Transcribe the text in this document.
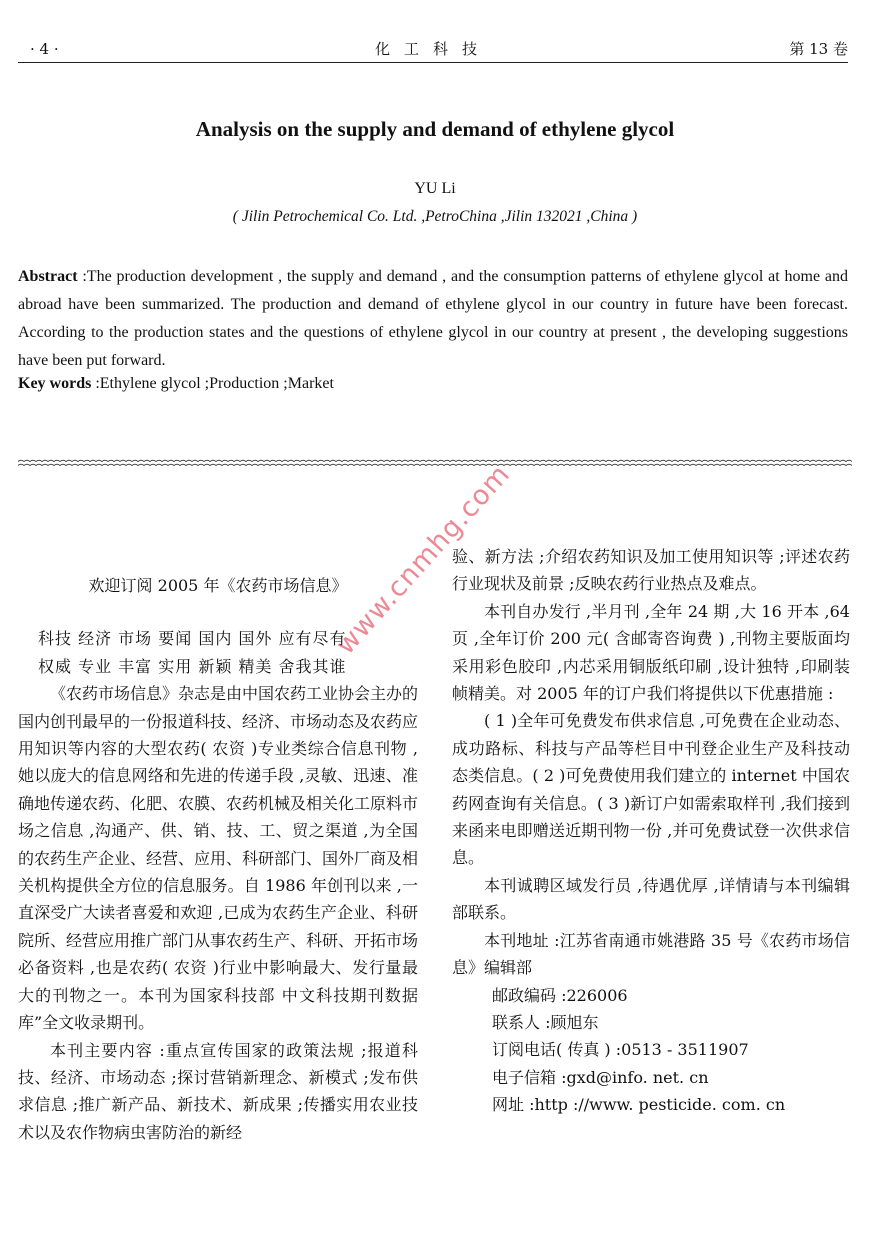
· 4 ·	化工科技	第 13 卷
Analysis on the supply and demand of ethylene glycol
YU Li
( Jilin Petrochemical Co. Ltd. ,PetroChina ,Jilin 132021 ,China )

Abstract :The production development , the supply and demand , and the consumption patterns of ethylene glycol at home and abroad have been summarized. The production and demand of ethylene glycol in our country in future have been forecast. According to the production states and the questions of ethylene glycol in our country at present , the developing suggestions have been put forward.

Key words :Ethylene glycol ;Production ;Market

欢迎订阅 2005 年《农药市场信息》

科技 经济 市场 要闻 国内 国外 应有尽有

权威 专业 丰富 实用 新颖 精美 舍我其谁

《农药市场信息》杂志是由中国农药工业协会主办的国内创刊最早的一份报道科技、经济、市场动态及农药应用知识等内容的大型农药( 农资 )专业类综合信息刊物 ,她以庞大的信息网络和先进的传递手段 ,灵敏、迅速、准确地传递农药、化肥、农膜、农药机械及相关化工原料市场之信息 ,沟通产、供、销、技、工、贸之渠道 ,为全国的农药生产企业、经营、应用、科研部门、国外厂商及相关机构提供全方位的信息服务。自 1986 年创刊以来 ,一直深受广大读者喜爱和欢迎 ,已成为农药生产企业、科研院所、经营应用推广部门从事农药生产、科研、开拓市场必备资料 ,也是农药( 农资 )行业中影响最大、发行量最大的刊物之一。本刊为国家科技部 中文科技期刊数据库”全文收录期刊。

本刊主要内容 :重点宣传国家的政策法规 ;报道科技、经济、市场动态 ;探讨营销新理念、新模式 ;发布供求信息 ;推广新产品、新技术、新成果 ;传播实用农业技术以及农作物病虫害防治的新经

验、新方法 ;介绍农药知识及加工使用知识等 ;评述农药行业现状及前景 ;反映农药行业热点及难点。

本刊自办发行 ,半月刊 ,全年 24 期 ,大 16 开本 ,64 页 ,全年订价 200 元( 含邮寄咨询费 ) ,刊物主要版面均采用彩色胶印 ,内芯采用铜版纸印刷 ,设计独特 ,印刷装帧精美。对 2005 年的订户我们将提供以下优惠措施 :

( 1 )全年可免费发布供求信息 ,可免费在企业动态、成功路标、科技与产品等栏目中刊登企业生产及科技动态类信息。( 2 )可免费使用我们建立的 internet 中国农药网查询有关信息。( 3 )新订户如需索取样刊 ,我们接到来函来电即赠送近期刊物一份 ,并可免费试登一次供求信息。

本刊诚聘区域发行员 ,待遇优厚 ,详情请与本刊编辑部联系。

本刊地址 :江苏省南通市姚港路 35 号《农药市场信息》编辑部

邮政编码 :226006

联系人 :顾旭东

订阅电话( 传真 ) :0513 - 3511907

电子信箱 :gxd@info. net. cn

网址 :http ://www. pesticide. com. cn

www.cnmhg.com
